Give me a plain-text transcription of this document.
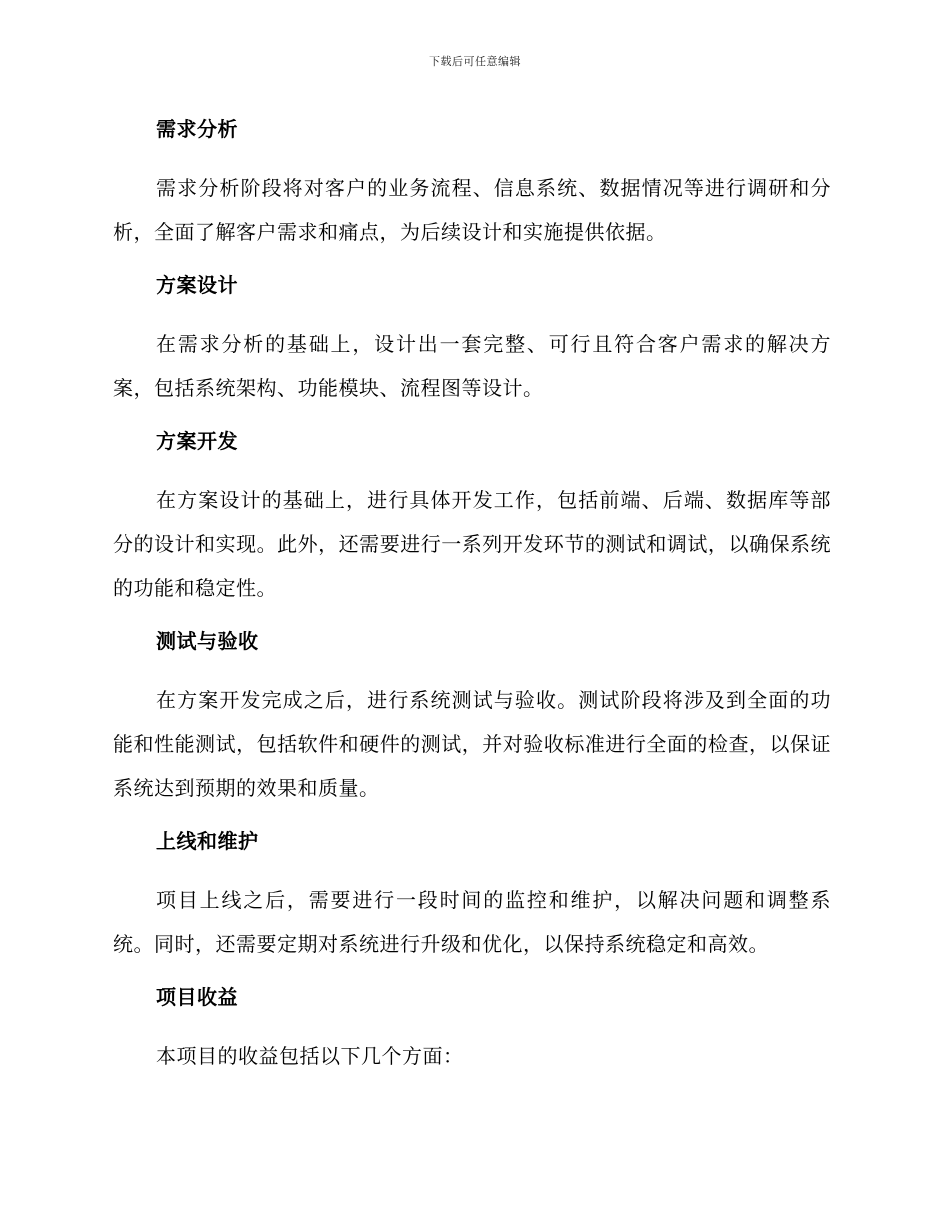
下载后可任意编辑
需求分析

需求分析阶段将对客户的业务流程、信息系统、数据情况等进行调研和分析，全面了解客户需求和痛点，为后续设计和实施提供依据。

方案设计

在需求分析的基础上，设计出一套完整、可行且符合客户需求的解决方案，包括系统架构、功能模块、流程图等设计。

方案开发

在方案设计的基础上，进行具体开发工作，包括前端、后端、数据库等部分的设计和实现。此外，还需要进行一系列开发环节的测试和调试，以确保系统的功能和稳定性。

测试与验收

在方案开发完成之后，进行系统测试与验收。测试阶段将涉及到全面的功能和性能测试，包括软件和硬件的测试，并对验收标准进行全面的检查，以保证系统达到预期的效果和质量。

上线和维护

项目上线之后，需要进行一段时间的监控和维护，以解决问题和调整系统。同时，还需要定期对系统进行升级和优化，以保持系统稳定和高效。

项目收益

本项目的收益包括以下几个方面：
